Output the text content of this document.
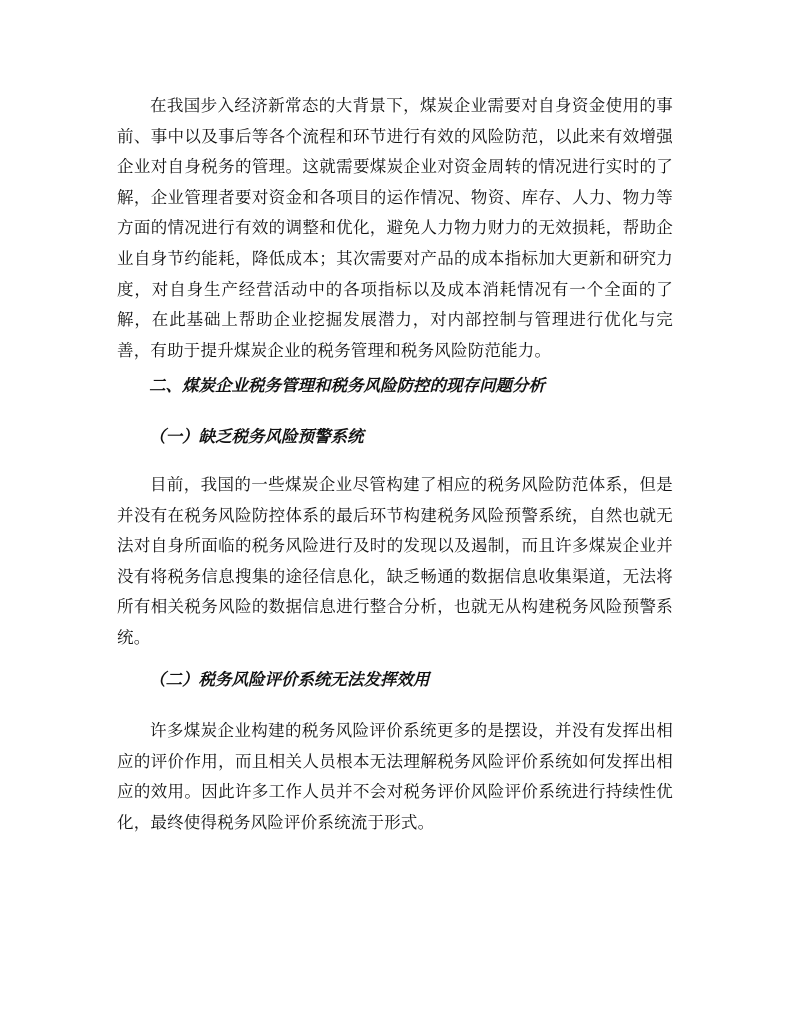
在我国步入经济新常态的大背景下，煤炭企业需要对自身资金使用的事前、事中以及事后等各个流程和环节进行有效的风险防范，以此来有效增强企业对自身税务的管理。这就需要煤炭企业对资金周转的情况进行实时的了解，企业管理者要对资金和各项目的运作情况、物资、库存、人力、物力等方面的情况进行有效的调整和优化，避免人力物力财力的无效损耗，帮助企业自身节约能耗，降低成本；其次需要对产品的成本指标加大更新和研究力度，对自身生产经营活动中的各项指标以及成本消耗情况有一个全面的了解，在此基础上帮助企业挖掘发展潜力，对内部控制与管理进行优化与完善，有助于提升煤炭企业的税务管理和税务风险防范能力。

二、煤炭企业税务管理和税务风险防控的现存问题分析
（一）缺乏税务风险预警系统

目前，我国的一些煤炭企业尽管构建了相应的税务风险防范体系，但是并没有在税务风险防控体系的最后环节构建税务风险预警系统，自然也就无法对自身所面临的税务风险进行及时的发现以及遏制，而且许多煤炭企业并没有将税务信息搜集的途径信息化，缺乏畅通的数据信息收集渠道，无法将所有相关税务风险的数据信息进行整合分析，也就无从构建税务风险预警系统。

（二）税务风险评价系统无法发挥效用

许多煤炭企业构建的税务风险评价系统更多的是摆设，并没有发挥出相应的评价作用，而且相关人员根本无法理解税务风险评价系统如何发挥出相应的效用。因此许多工作人员并不会对税务评价风险评价系统进行持续性优化，最终使得税务风险评价系统流于形式。
